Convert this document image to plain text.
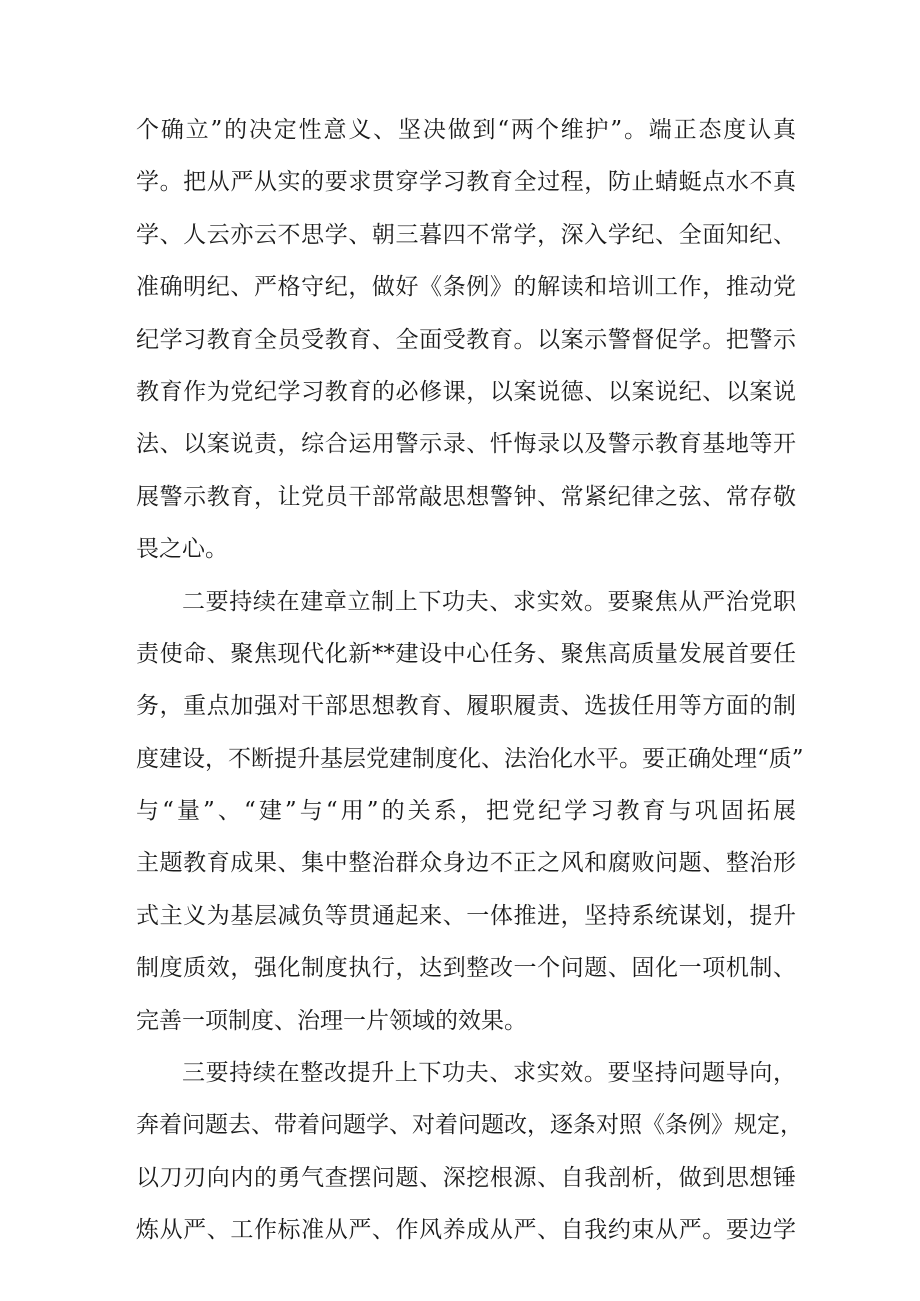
个确立”的决定性意义、坚决做到“两个维护”。端正态度认真
学。把从严从实的要求贯穿学习教育全过程，防止蜻蜓点水不真
学、人云亦云不思学、朝三暮四不常学，深入学纪、全面知纪、
准确明纪、严格守纪，做好《条例》的解读和培训工作，推动党
纪学习教育全员受教育、全面受教育。以案示警督促学。把警示
教育作为党纪学习教育的必修课，以案说德、以案说纪、以案说
法、以案说责，综合运用警示录、忏悔录以及警示教育基地等开
展警示教育，让党员干部常敲思想警钟、常紧纪律之弦、常存敬
畏之心。
二要持续在建章立制上下功夫、求实效。要聚焦从严治党职
责使命、聚焦现代化新**建设中心任务、聚焦高质量发展首要任
务，重点加强对干部思想教育、履职履责、选拔任用等方面的制
度建设，不断提升基层党建制度化、法治化水平。要正确处理“质”
与“量”、“建”与“用”的关系，把党纪学习教育与巩固拓展
主题教育成果、集中整治群众身边不正之风和腐败问题、整治形
式主义为基层减负等贯通起来、一体推进，坚持系统谋划，提升
制度质效，强化制度执行，达到整改一个问题、固化一项机制、
完善一项制度、治理一片领域的效果。
三要持续在整改提升上下功夫、求实效。要坚持问题导向，
奔着问题去、带着问题学、对着问题改，逐条对照《条例》规定，
以刀刃向内的勇气查摆问题、深挖根源、自我剖析，做到思想锤
炼从严、工作标准从严、作风养成从严、自我约束从严。要边学
